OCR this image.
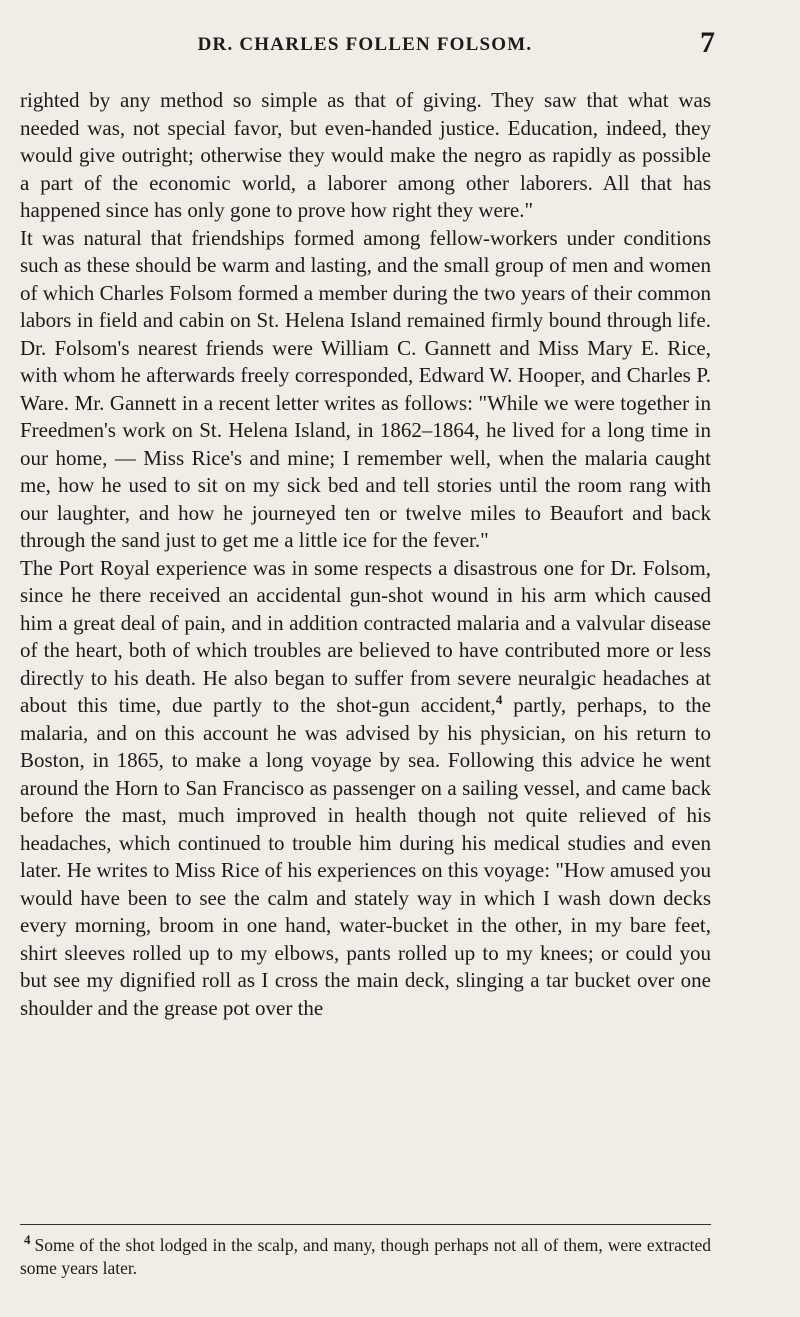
DR. CHARLES FOLLEN FOLSOM.	7

righted by any method so simple as that of giving. They saw that what was needed was, not special favor, but even-handed justice. Education, indeed, they would give outright; otherwise they would make the negro as rapidly as possible a part of the economic world, a laborer among other laborers. All that has happened since has only gone to prove how right they were."

It was natural that friendships formed among fellow-workers under conditions such as these should be warm and lasting, and the small group of men and women of which Charles Folsom formed a member during the two years of their common labors in field and cabin on St. Helena Island remained firmly bound through life. Dr. Folsom's nearest friends were William C. Gannett and Miss Mary E. Rice, with whom he afterwards freely corresponded, Edward W. Hooper, and Charles P. Ware. Mr. Gannett in a recent letter writes as follows: "While we were together in Freedmen's work on St. Helena Island, in 1862–1864, he lived for a long time in our home, — Miss Rice's and mine; I remember well, when the malaria caught me, how he used to sit on my sick bed and tell stories until the room rang with our laughter, and how he journeyed ten or twelve miles to Beaufort and back through the sand just to get me a little ice for the fever."

The Port Royal experience was in some respects a disastrous one for Dr. Folsom, since he there received an accidental gun-shot wound in his arm which caused him a great deal of pain, and in addition contracted malaria and a valvular disease of the heart, both of which troubles are believed to have contributed more or less directly to his death. He also began to suffer from severe neuralgic headaches at about this time, due partly to the shot-gun accident,$^4$ partly, perhaps, to the malaria, and on this account he was advised by his physician, on his return to Boston, in 1865, to make a long voyage by sea. Following this advice he went around the Horn to San Francisco as passenger on a sailing vessel, and came back before the mast, much improved in health though not quite relieved of his headaches, which continued to trouble him during his medical studies and even later. He writes to Miss Rice of his experiences on this voyage: "How amused you would have been to see the calm and stately way in which I wash down decks every morning, broom in one hand, water-bucket in the other, in my bare feet, shirt sleeves rolled up to my elbows, pants rolled up to my knees; or could you but see my dignified roll as I cross the main deck, slinging a tar bucket over one shoulder and the grease pot over the

$^4$ Some of the shot lodged in the scalp, and many, though perhaps not all of them, were extracted some years later.
